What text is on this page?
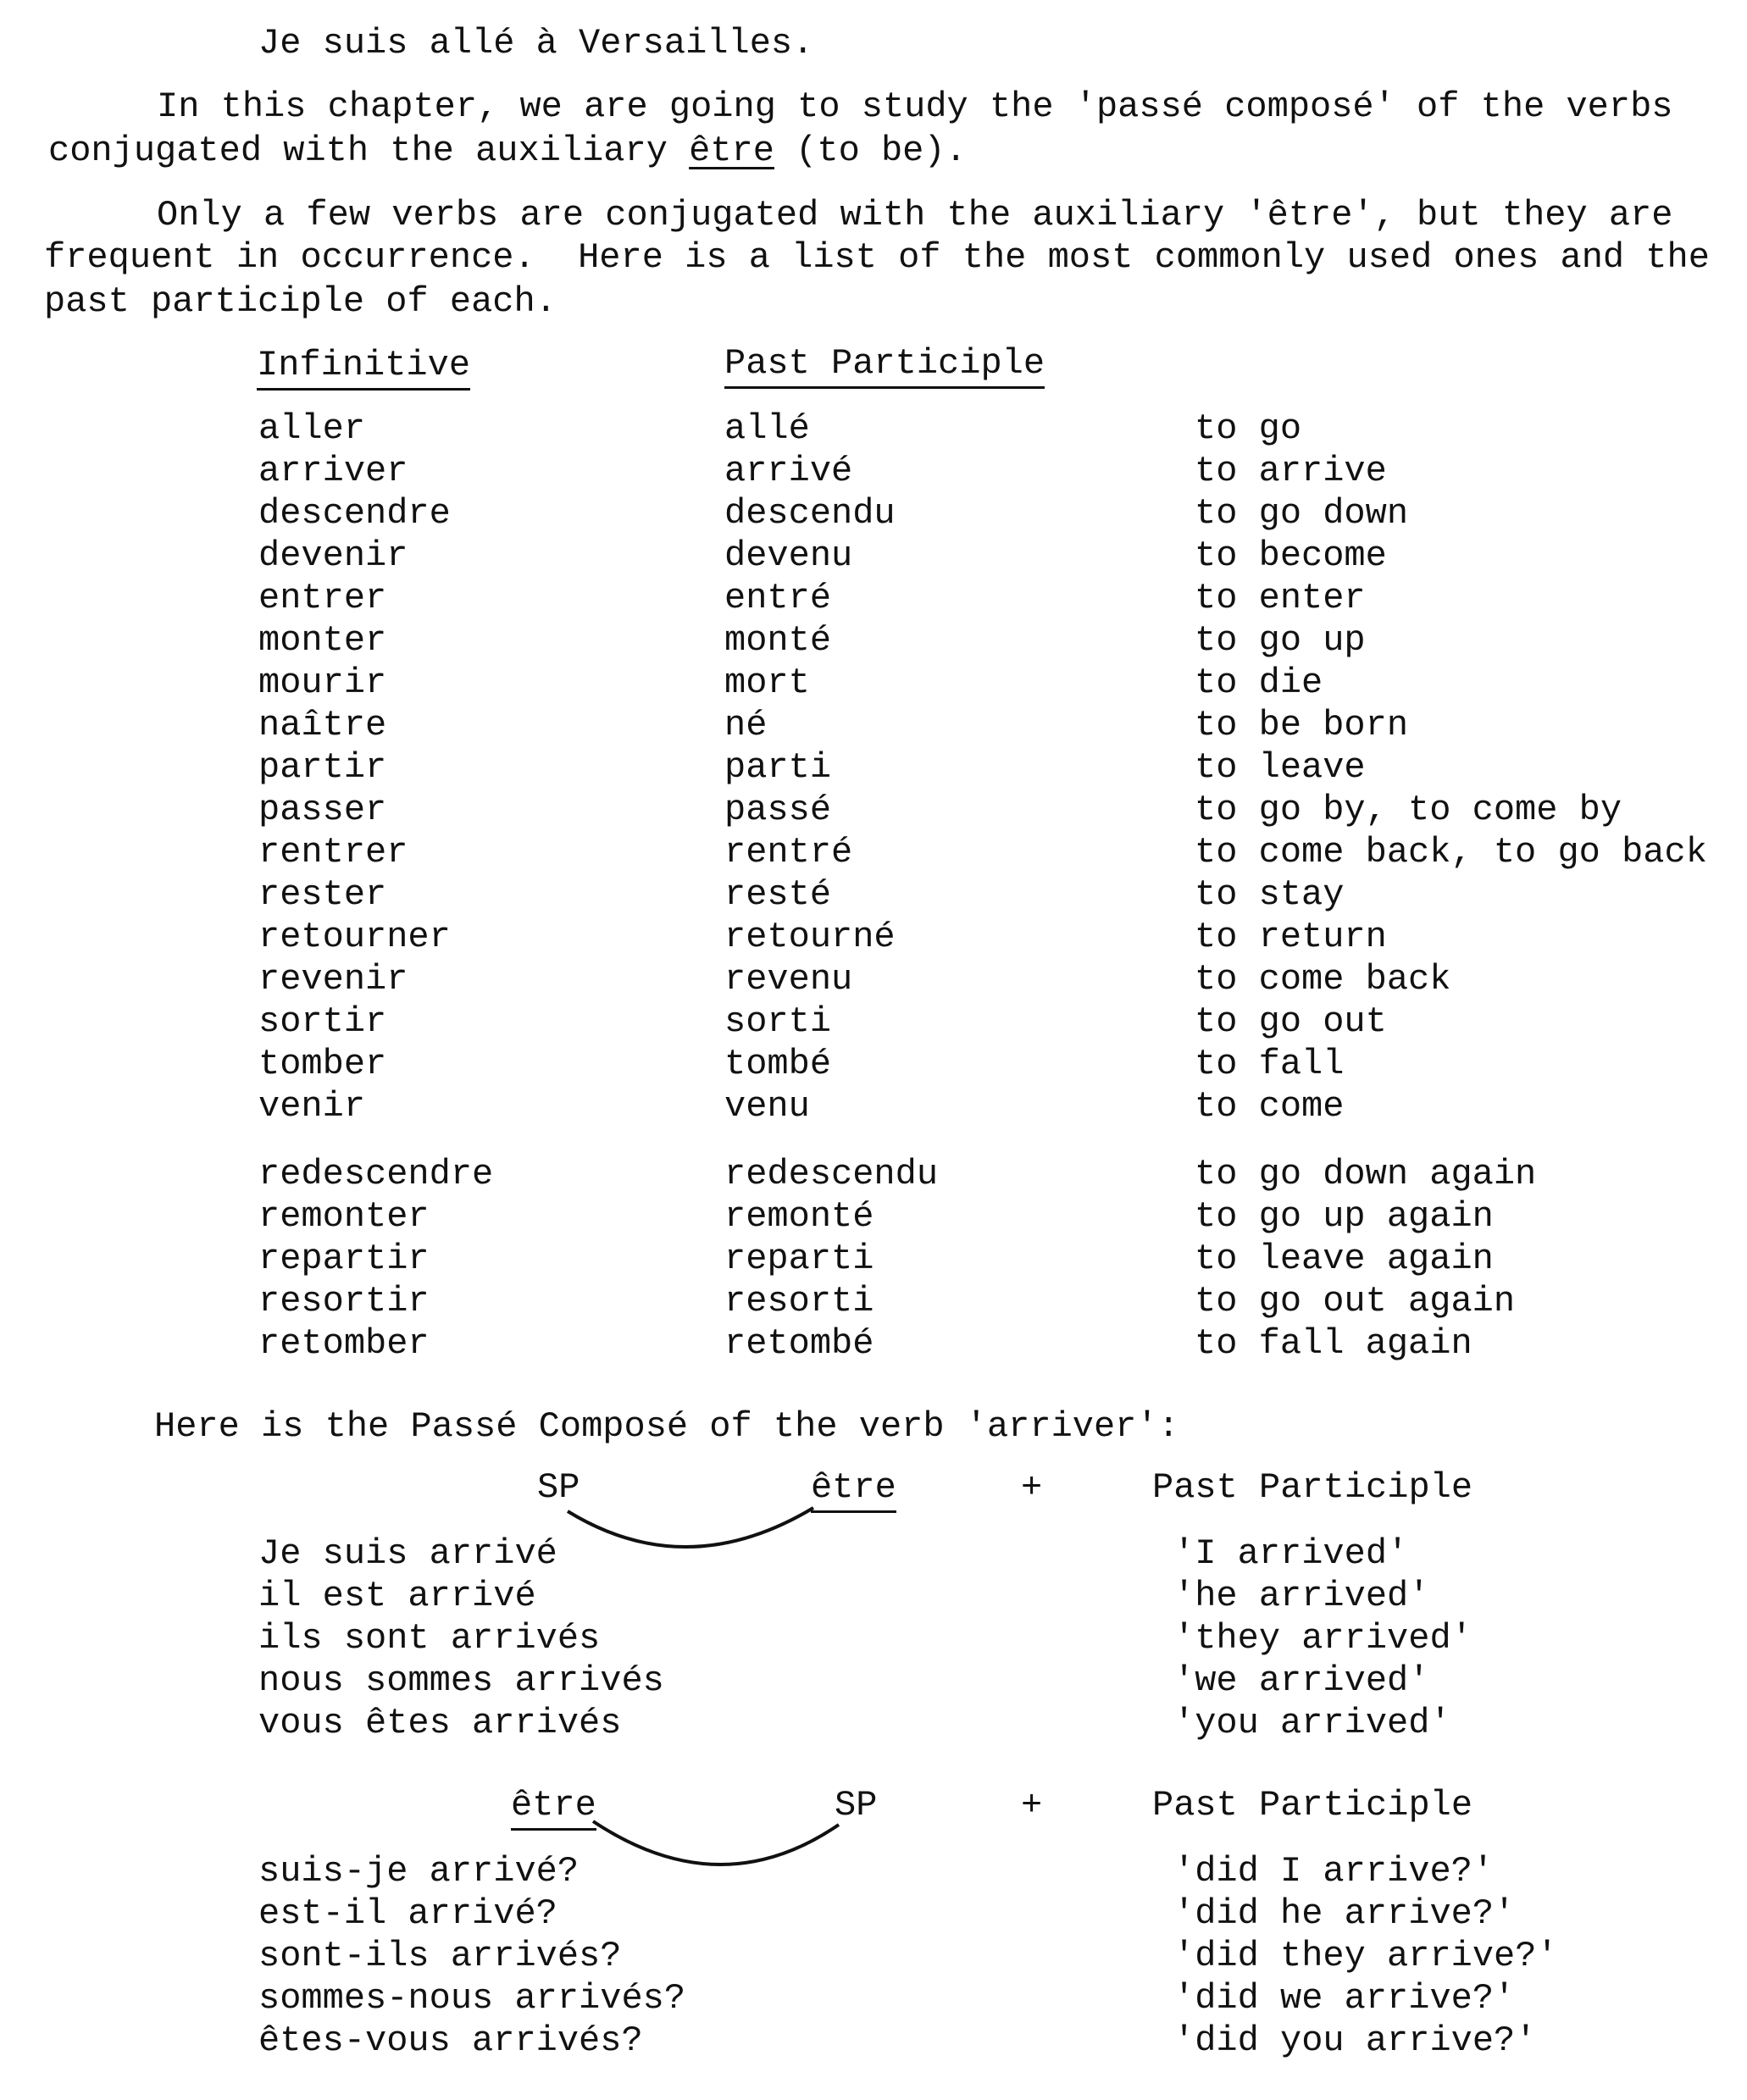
Je suis allé à Versailles.
In this chapter, we are going to study the 'passé composé' of the verbs
conjugated with the auxiliary être (to be).
Only a few verbs are conjugated with the auxiliary 'être', but they are
frequent in occurrence.  Here is a list of the most commonly used ones and the
past participle of each.
Infinitive	Past Participle
aller	allé	to go
arriver	arrivé	to arrive
descendre	descendu	to go down
devenir	devenu	to become
entrer	entré	to enter
monter	monté	to go up
mourir	mort	to die
naître	né	to be born
partir	parti	to leave
passer	passé	to go by, to come by
rentrer	rentré	to come back, to go back
rester	resté	to stay
retourner	retourné	to return
revenir	revenu	to come back
sortir	sorti	to go out
tomber	tombé	to fall
venir	venu	to come
redescendre	redescendu	to go down again
remonter	remonté	to go up again
repartir	reparti	to leave again
resortir	resorti	to go out again
retomber	retombé	to fall again
Here is the Passé Composé of the verb 'arriver':
SP	être	+	Past Participle
Je suis arrivé	'I arrived'
il est arrivé	'he arrived'
ils sont arrivés	'they arrived'
nous sommes arrivés	'we arrived'
vous êtes arrivés	'you arrived'
être	SP	+	Past Participle
suis-je arrivé?	'did I arrive?'
est-il arrivé?	'did he arrive?'
sont-ils arrivés?	'did they arrive?'
sommes-nous arrivés?	'did we arrive?'
êtes-vous arrivés?	'did you arrive?'
